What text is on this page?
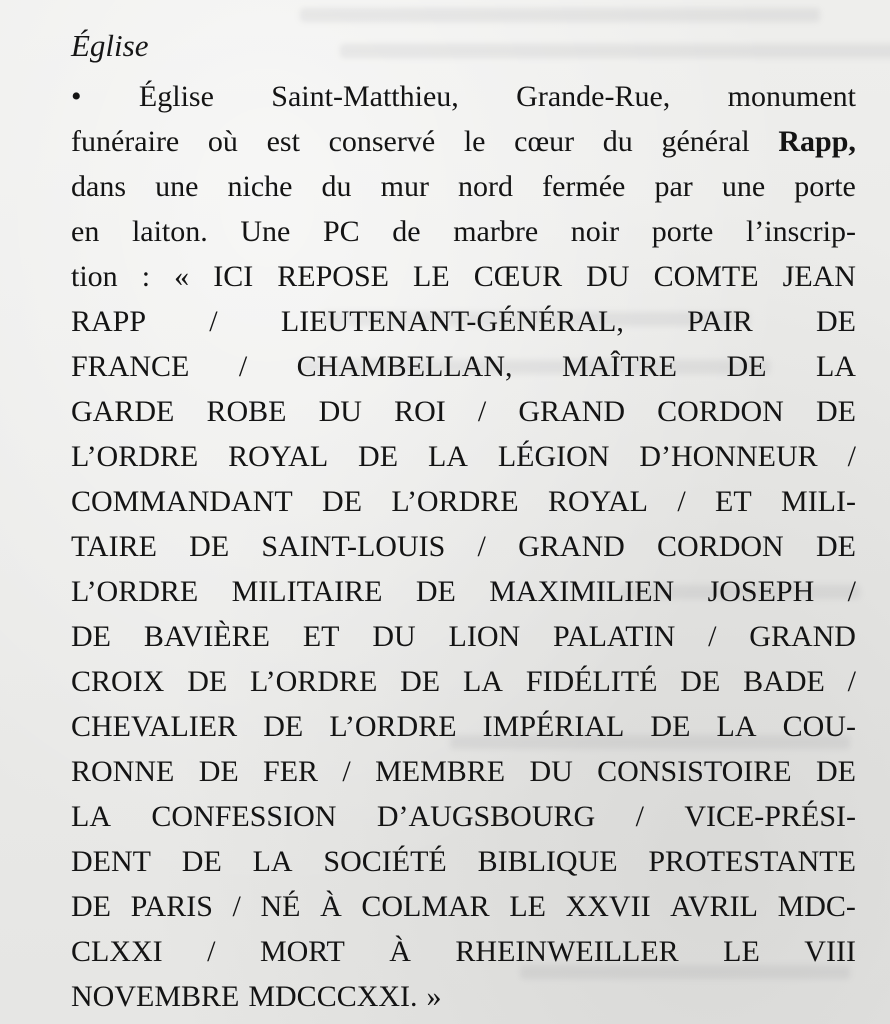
Église
• Église Saint-Matthieu, Grande-Rue, monument
funéraire où est conservé le cœur du général Rapp,
dans une niche du mur nord fermée par une porte
en laiton. Une PC de marbre noir porte l’inscrip-
tion : « ICI REPOSE LE CŒUR DU COMTE JEAN
RAPP / LIEUTENANT-GÉNÉRAL, PAIR DE
FRANCE / CHAMBELLAN, MAÎTRE DE LA
GARDE ROBE DU ROI / GRAND CORDON DE
L’ORDRE ROYAL DE LA LÉGION D’HONNEUR /
COMMANDANT DE L’ORDRE ROYAL / ET MILI-
TAIRE DE SAINT-LOUIS / GRAND CORDON DE
L’ORDRE MILITAIRE DE MAXIMILIEN JOSEPH /
DE BAVIÈRE ET DU LION PALATIN / GRAND
CROIX DE L’ORDRE DE LA FIDÉLITÉ DE BADE /
CHEVALIER DE L’ORDRE IMPÉRIAL DE LA COU-
RONNE DE FER / MEMBRE DU CONSISTOIRE DE
LA CONFESSION D’AUGSBOURG / VICE-PRÉSI-
DENT DE LA SOCIÉTÉ BIBLIQUE PROTESTANTE
DE PARIS / NÉ À COLMAR LE XXVII AVRIL MDC-
CLXXI / MORT À RHEINWEILLER LE VIII
NOVEMBRE MDCCCXXI. »
